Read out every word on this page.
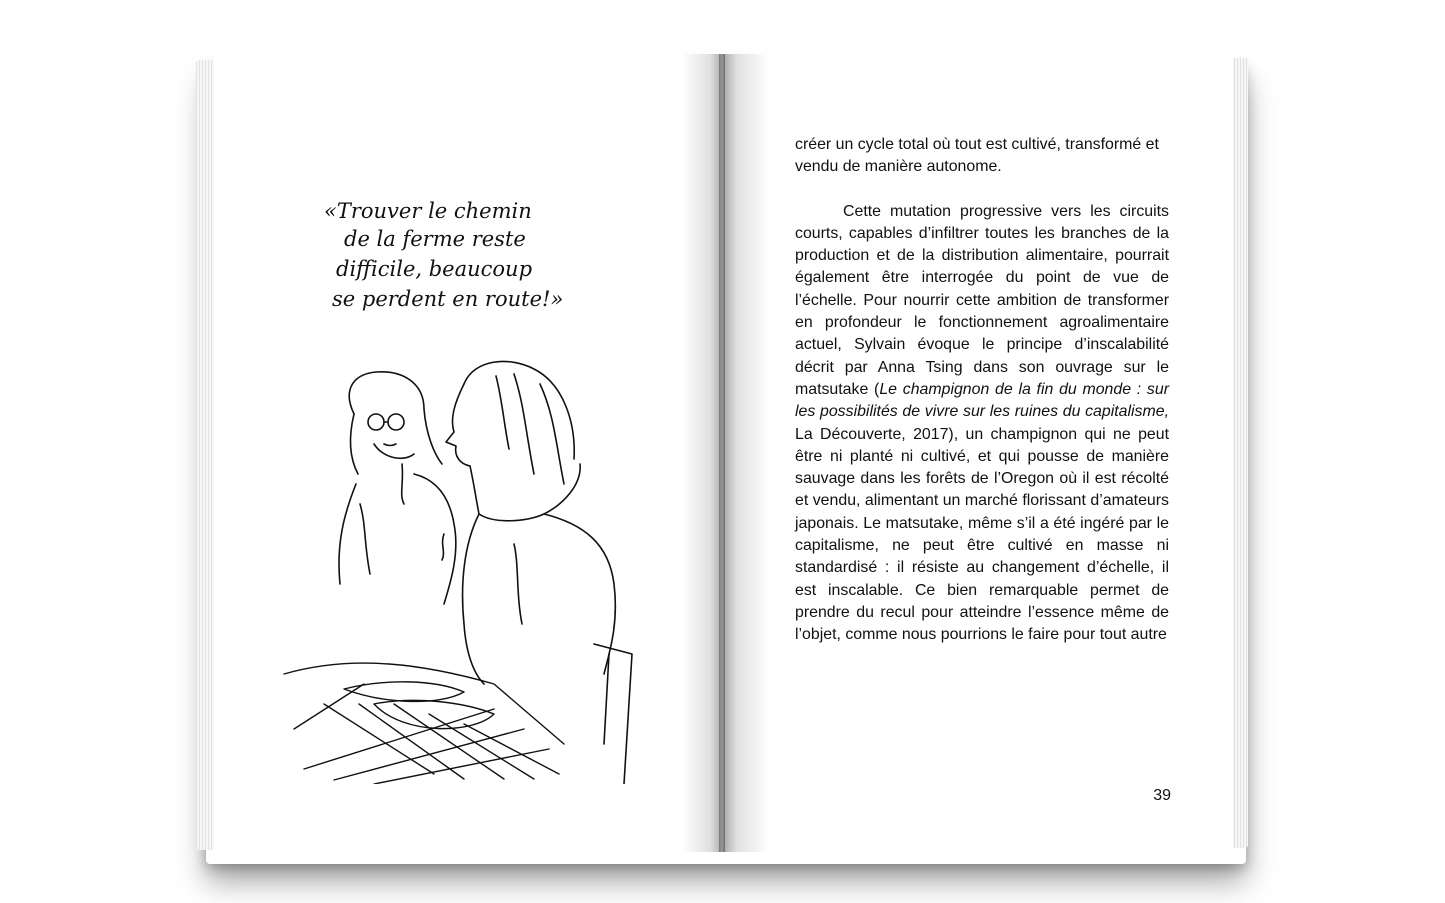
«Trouver le chemin
de la ferme reste
difficile, beaucoup
se perdent en route!»

créer un cycle total où tout est cultivé, transformé et vendu de manière autonome.

Cette mutation progressive vers les circuits courts, capables d’infiltrer toutes les branches de la production et de la distribution alimentaire, pourrait également être interrogée du point de vue de l’échelle. Pour nourrir cette ambition de transformer en profondeur le fonctionnement agroalimentaire actuel, Sylvain évoque le principe d’inscalabilité décrit par Anna Tsing dans son ouvrage sur le matsutake (Le champignon de la fin du monde : sur les possibilités de vivre sur les ruines du capitalisme, La Découverte, 2017), un champignon qui ne peut être ni planté ni cultivé, et qui pousse de manière sauvage dans les forêts de l’Oregon où il est récolté et vendu, alimentant un marché florissant d’amateurs japonais. Le matsutake, même s’il a été ingéré par le capitalisme, ne peut être cultivé en masse ni standardisé : il résiste au changement d’échelle, il est inscalable. Ce bien remarquable permet de prendre du recul pour atteindre l’essence même de l’objet, comme nous pourrions le faire pour tout autre

39
